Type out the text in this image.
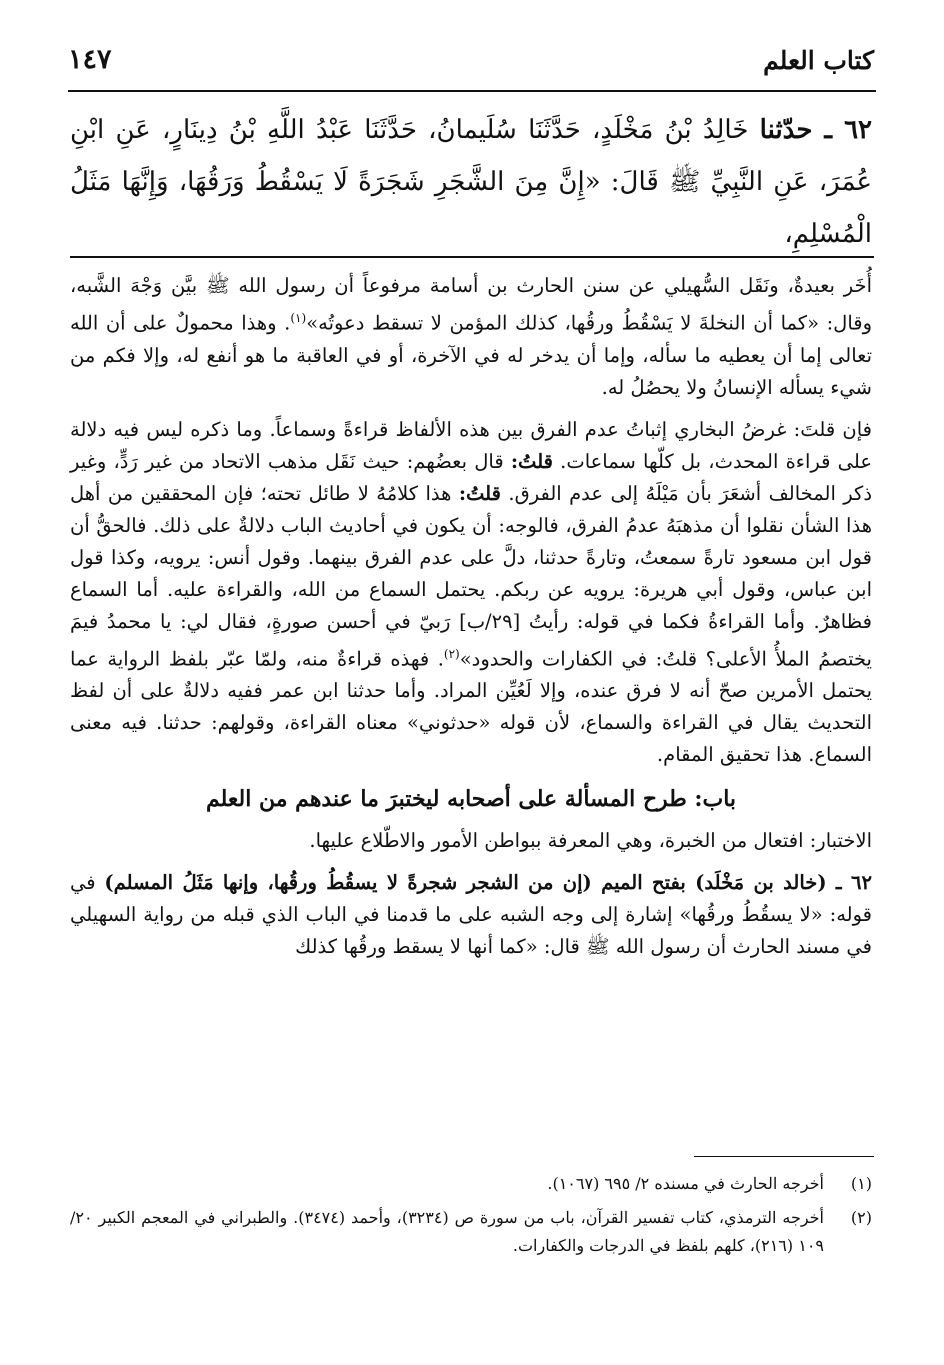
كتاب العلم
١٤٧
٦٢ ـ حدّثنا خَالِدُ بْنُ مَخْلَدٍ، حَدَّثَنَا سُلَيمانُ، حَدَّثَنَا عَبْدُ اللَّهِ بْنُ دِينَارٍ، عَنِ ابْنِ عُمَرَ، عَنِ النَّبِيِّ ﷺ قَالَ: «إِنَّ مِنَ الشَّجَرِ شَجَرَةً لَا يَسْقُطُ وَرَقُهَا، وَإِنَّهَا مَثَلُ الْمُسْلِمِ،

أُخَر بعيدةٌ، ونَقَل السُّهيلي عن سنن الحارث بن أسامة مرفوعاً أن رسول الله ﷺ بيَّن وَجْهَ الشَّبه، وقال: «كما أن النخلةَ لا يَسْقُطُ ورقُها، كذلك المؤمن لا تسقط دعوتُه»$^{(١)}$. وهذا محمولٌ على أن الله تعالى إما أن يعطيه ما سأله، وإما أن يدخر له في الآخرة، أو في العاقبة ما هو أنفع له، وإلا فكم من شيء يسأله الإنسانُ ولا يحصُلُ له.

فإن قلتَ: غرضُ البخاري إثباتُ عدم الفرق بين هذه الألفاظ قراءةً وسماعاً. وما ذكره ليس فيه دلالة على قراءة المحدث، بل كلّها سماعات. قلتُ: قال بعضُهم: حيث نَقَل مذهب الاتحاد من غير رَدٍّ، وغير ذكر المخالف أشعَرَ بأن مَيْلَهُ إلى عدم الفرق. قلتُ: هذا كلامُهُ لا طائل تحته؛ فإن المحققين من أهل هذا الشأن نقلوا أن مذهبَهُ عدمُ الفرق، فالوجه: أن يكون في أحاديث الباب دلالةٌ على ذلك. فالحقُّ أن قول ابن مسعود تارةً سمعتُ، وتارةً حدثنا، دلَّ على عدم الفرق بينهما. وقول أنس: يرويه، وكذا قول ابن عباس، وقول أبي هريرة: يرويه عن ربكم. يحتمل السماع من الله، والقراءة عليه. أما السماع فظاهرٌ. وأما القراءةُ فكما في قوله: رأيتُ [٢٩/ب] رَبيّ في أحسن صورةٍ، فقال لي: يا محمدُ فيمَ يختصمُ الملأُ الأعلى؟ قلتُ: في الكفارات والحدود»$^{(٢)}$. فهذه قراءةٌ منه، ولمّا عبّر بلفظ الرواية عما يحتمل الأمرين صحّ أنه لا فرق عنده، وإلا لَعُيِّن المراد. وأما حدثنا ابن عمر ففيه دلالةٌ على أن لفظ التحديث يقال في القراءة والسماع، لأن قوله «حدثوني» معناه القراءة، وقولهم: حدثنا. فيه معنى السماع. هذا تحقيق المقام.

باب: طرح المسألة على أصحابه ليختبرَ ما عندهم من العلم

الاختبار: افتعال من الخبرة، وهي المعرفة ببواطن الأمور والاطّلاع عليها.

٦٢ ـ (خالد بن مَخْلَد) بفتح الميم (إن من الشجر شجرةً لا يسقُطُ ورقُها، وإنها مَثَلُ المسلم) في قوله: «لا يسقُطُ ورقُها» إشارة إلى وجه الشبه على ما قدمنا في الباب الذي قبله من رواية السهيلي في مسند الحارث أن رسول الله ﷺ قال: «كما أنها لا يسقط ورقُها كذلك

(١)
أخرجه الحارث في مسنده ٢/ ٦٩٥ (١٠٦٧).
(٢)
أخرجه الترمذي، كتاب تفسير القرآن، باب من سورة ص (٣٢٣٤)، وأحمد (٣٤٧٤). والطبراني في المعجم الكبير ٢٠/ ١٠٩ (٢١٦)، كلهم بلفظ في الدرجات والكفارات.
